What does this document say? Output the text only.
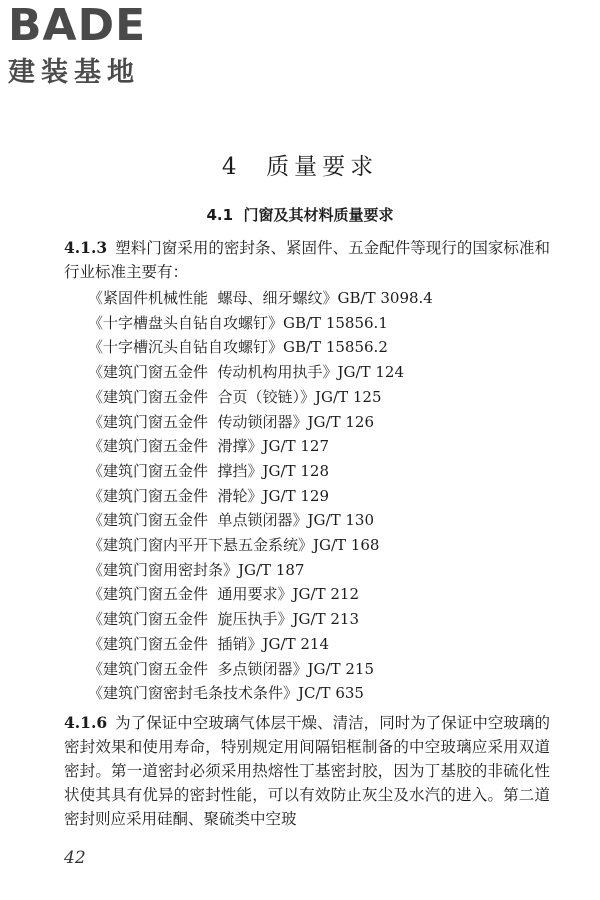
BADE
建装基地
4  质量要求
4.1  门窗及其材料质量要求
4.1.3 塑料门窗采用的密封条、紧固件、五金配件等现行的国家标准和行业标准主要有：
《紧固件机械性能  螺母、细牙螺纹》GB/T 3098.4
《十字槽盘头自钻自攻螺钉》GB/T 15856.1
《十字槽沉头自钻自攻螺钉》GB/T 15856.2
《建筑门窗五金件  传动机构用执手》JG/T 124
《建筑门窗五金件  合页（铰链）》JG/T 125
《建筑门窗五金件  传动锁闭器》JG/T 126
《建筑门窗五金件  滑撑》JG/T 127
《建筑门窗五金件  撑挡》JG/T 128
《建筑门窗五金件  滑轮》JG/T 129
《建筑门窗五金件  单点锁闭器》JG/T 130
《建筑门窗内平开下悬五金系统》JG/T 168
《建筑门窗用密封条》JG/T 187
《建筑门窗五金件  通用要求》JG/T 212
《建筑门窗五金件  旋压执手》JG/T 213
《建筑门窗五金件  插销》JG/T 214
《建筑门窗五金件  多点锁闭器》JG/T 215
《建筑门窗密封毛条技术条件》JC/T 635
4.1.6 为了保证中空玻璃气体层干燥、清洁，同时为了保证中空玻璃的密封效果和使用寿命，特别规定用间隔铝框制备的中空玻璃应采用双道密封。第一道密封必须采用热熔性丁基密封胶，因为丁基胶的非硫化性状使其具有优异的密封性能，可以有效防止灰尘及水汽的进入。第二道密封则应采用硅酮、聚硫类中空玻
42
